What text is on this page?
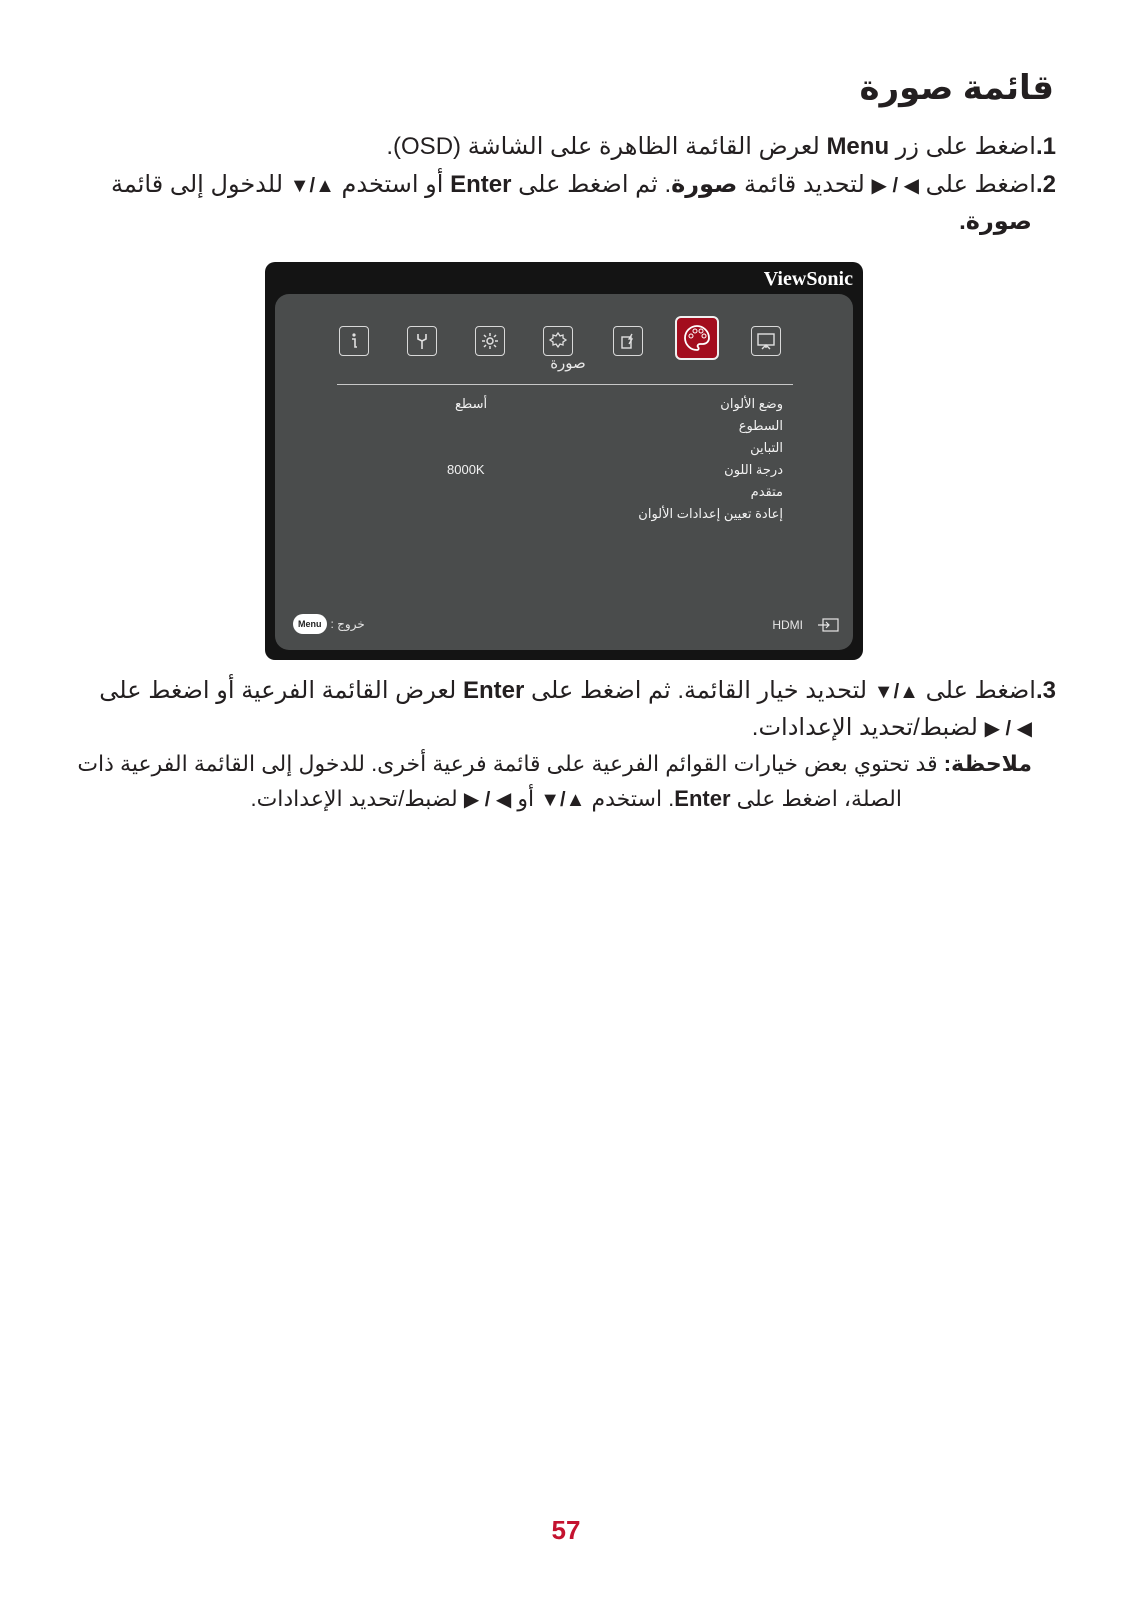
قائمة صورة
1.اضغط على زر Menu لعرض القائمة الظاهرة على الشاشة (OSD).
2.اضغط على ◀ / ▶ لتحديد قائمة صورة. ثم اضغط على Enter أو استخدم ▲/▼ للدخول إلى قائمة
صورة.
ViewSonic
صورة
وضع الألوان
أسطع
السطوع
التباين
درجة اللون
8000K
متقدم
إعادة تعيين إعدادات الألوان
Menu خروج :	HDMI
3.اضغط على ▲/▼ لتحديد خيار القائمة. ثم اضغط على Enter لعرض القائمة الفرعية أو اضغط على
◀ / ▶ لضبط/تحديد الإعدادات.
ملاحظة: قد تحتوي بعض خيارات القوائم الفرعية على قائمة فرعية أخرى. للدخول إلى القائمة الفرعية ذات
الصلة، اضغط على Enter. استخدم ▲/▼ أو ◀ / ▶ لضبط/تحديد الإعدادات.
57
